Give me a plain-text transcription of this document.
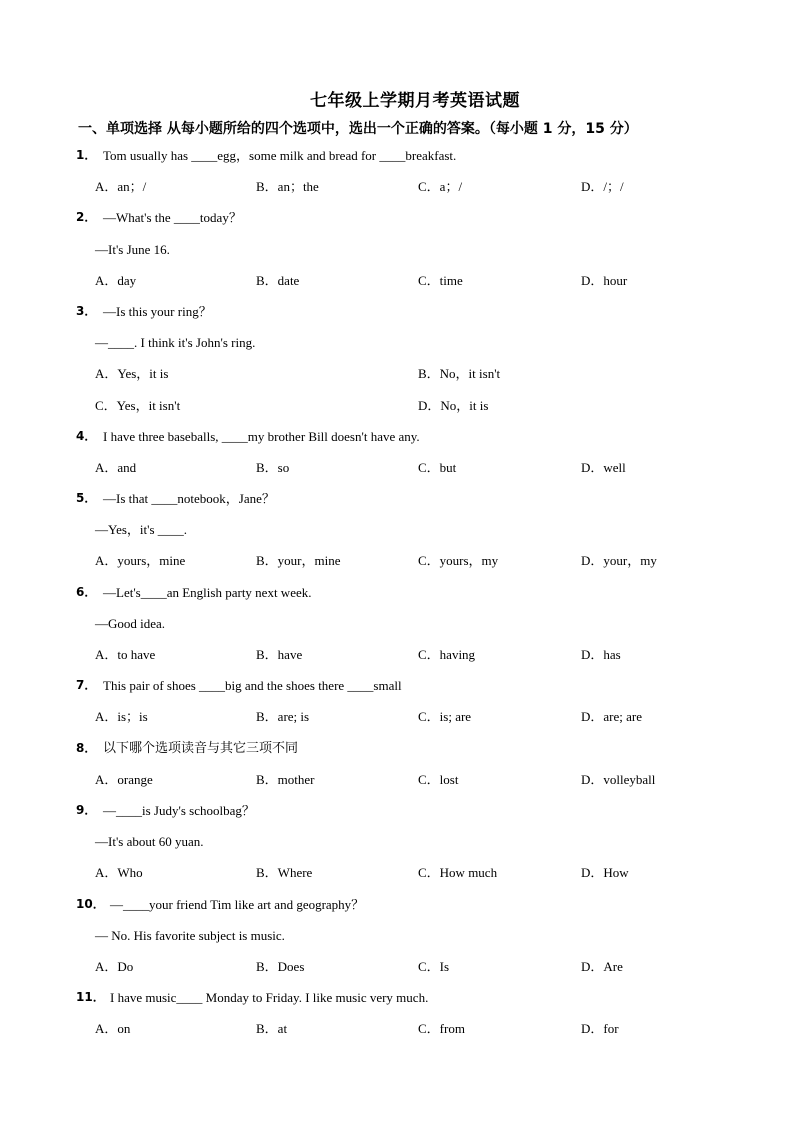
七年级上学期月考英语试题
一、单项选择 从每小题所给的四个选项中，选出一个正确的答案。（每小题 1 分，15 分）
1． Tom usually has ____egg，some milk and bread for ____breakfast.
A．an；/	B．an；the	C．a；/	D．/；/
2． —What's the ____today？
—It's June 16.
A．day	B．date	C．time	D．hour
3． —Is this your ring？
—____. I think it's John's ring.
A．Yes，it is	B．No，it isn't
C．Yes，it isn't	D．No，it is
4． I have three baseballs, ____my brother Bill doesn't have any.
A．and	B．so	C．but	D．well
5． —Is that ____notebook，Jane？
—Yes，it's ____.
A．yours，mine	B．your，mine	C．yours，my	D．your，my
6． —Let's____an English party next week.
—Good idea.
A．to have	B．have	C．having	D．has
7． This pair of shoes ____big and the shoes there ____small
A．is；is	B．are; is	C．is; are	D．are; are
8． 以下哪个选项读音与其它三项不同
A．orange	B．mother	C．lost	D．volleyball
9． —____is Judy's schoolbag？
—It's about 60 yuan.
A．Who	B．Where	C．How much	D．How
10． —____your friend Tim like art and geography？
— No. His favorite subject is music.
A．Do	B．Does	C．Is	D．Are
11． I have music____ Monday to Friday. I like music very much.
A．on	B．at	C．from	D．for
